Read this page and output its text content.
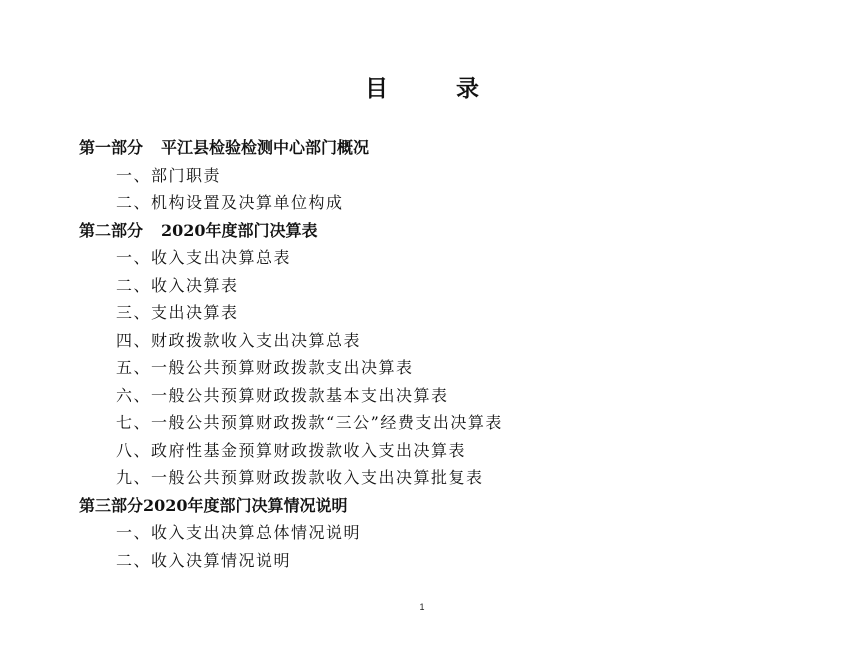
目 录
第一部分 平江县检验检测中心部门概况
一、部门职责
二、机构设置及决算单位构成
第二部分 2020年度部门决算表
一、收入支出决算总表
二、收入决算表
三、支出决算表
四、财政拨款收入支出决算总表
五、一般公共预算财政拨款支出决算表
六、一般公共预算财政拨款基本支出决算表
七、一般公共预算财政拨款“三公”经费支出决算表
八、政府性基金预算财政拨款收入支出决算表
九、一般公共预算财政拨款收入支出决算批复表
第三部分2020年度部门决算情况说明
一、收入支出决算总体情况说明
二、收入决算情况说明
1
